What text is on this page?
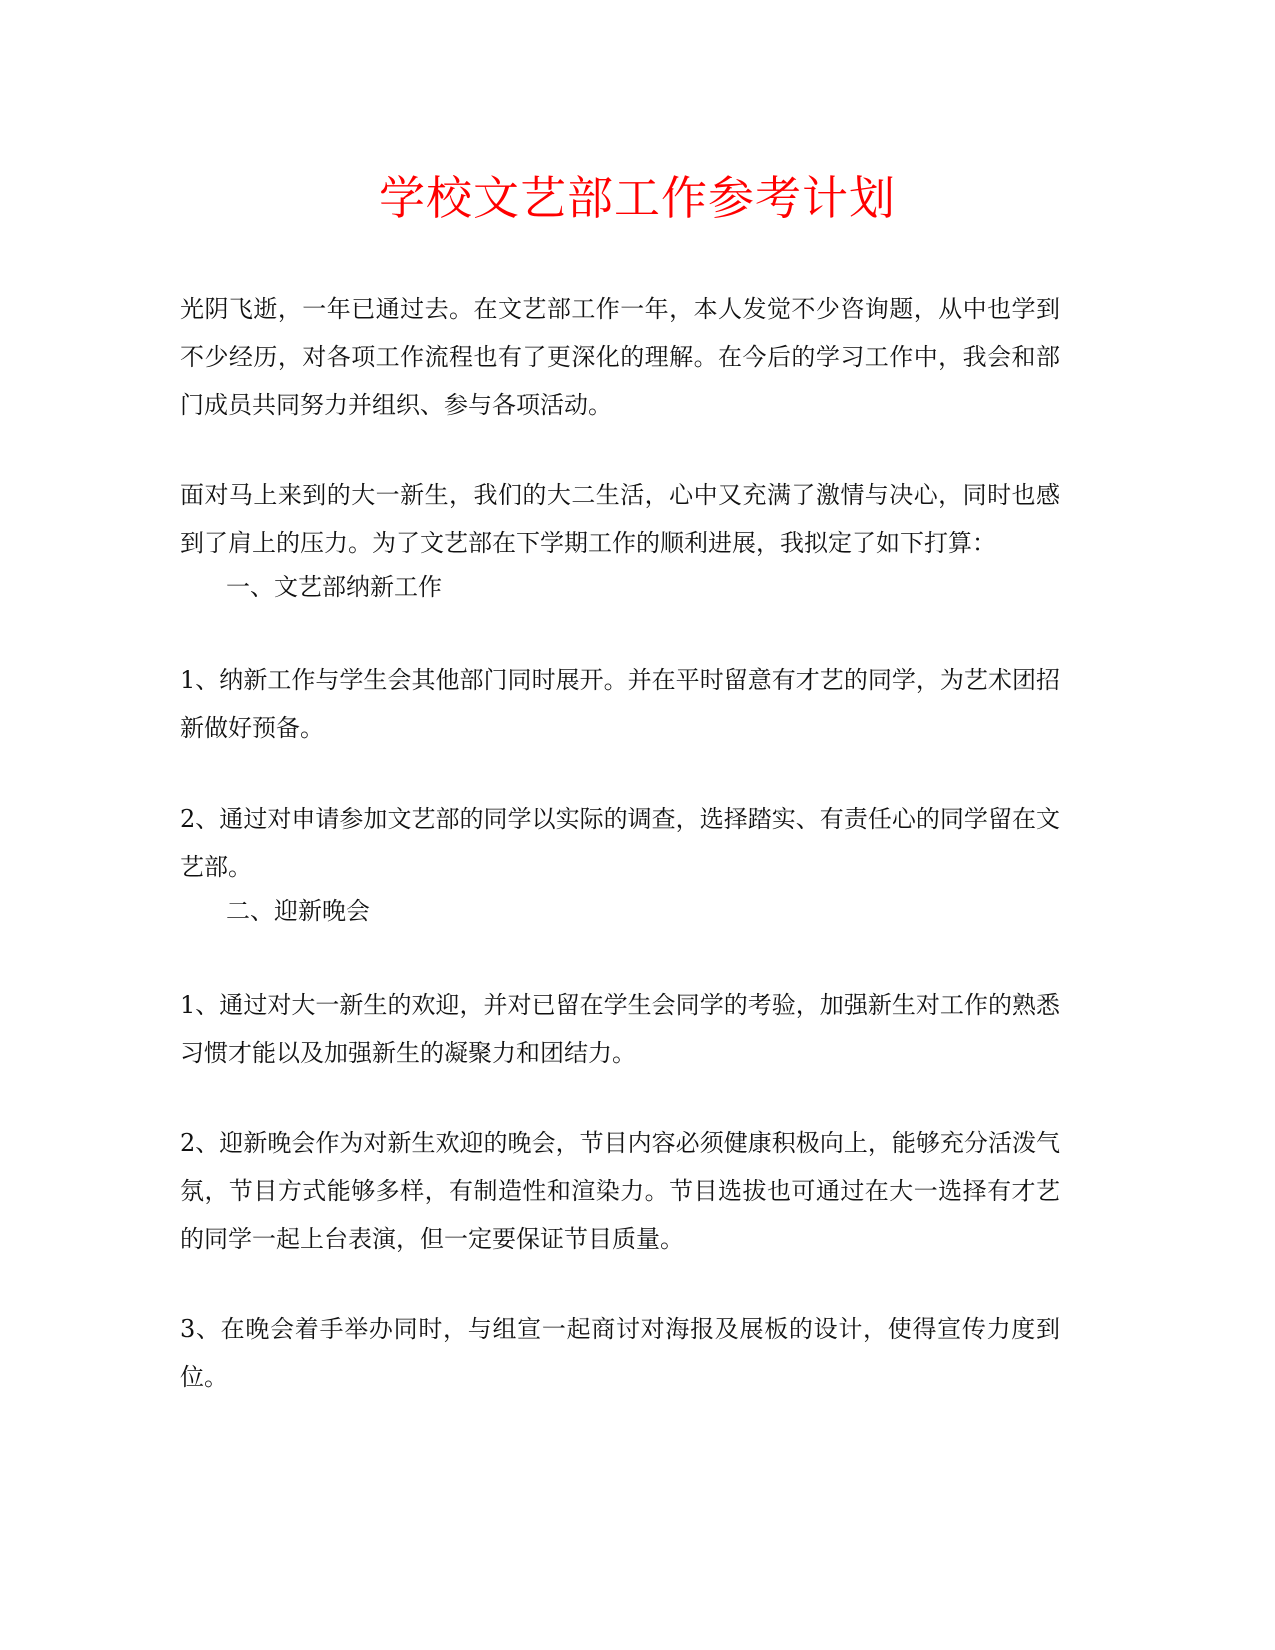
学校文艺部工作参考计划

光阴飞逝，一年已通过去。在文艺部工作一年，本人发觉不少咨询题，从中也学到不少经历，对各项工作流程也有了更深化的理解。在今后的学习工作中，我会和部门成员共同努力并组织、参与各项活动。

面对马上来到的大一新生，我们的大二生活，心中又充满了激情与决心，同时也感到了肩上的压力。为了文艺部在下学期工作的顺利进展，我拟定了如下打算：

一、文艺部纳新工作

1、纳新工作与学生会其他部门同时展开。并在平时留意有才艺的同学，为艺术团招新做好预备。

2、通过对申请参加文艺部的同学以实际的调查，选择踏实、有责任心的同学留在文艺部。

二、迎新晚会

1、通过对大一新生的欢迎，并对已留在学生会同学的考验，加强新生对工作的熟悉习惯才能以及加强新生的凝聚力和团结力。

2、迎新晚会作为对新生欢迎的晚会，节目内容必须健康积极向上，能够充分活泼气氛，节目方式能够多样，有制造性和渲染力。节目选拔也可通过在大一选择有才艺的同学一起上台表演，但一定要保证节目质量。

3、在晚会着手举办同时，与组宣一起商讨对海报及展板的设计，使得宣传力度到位。
